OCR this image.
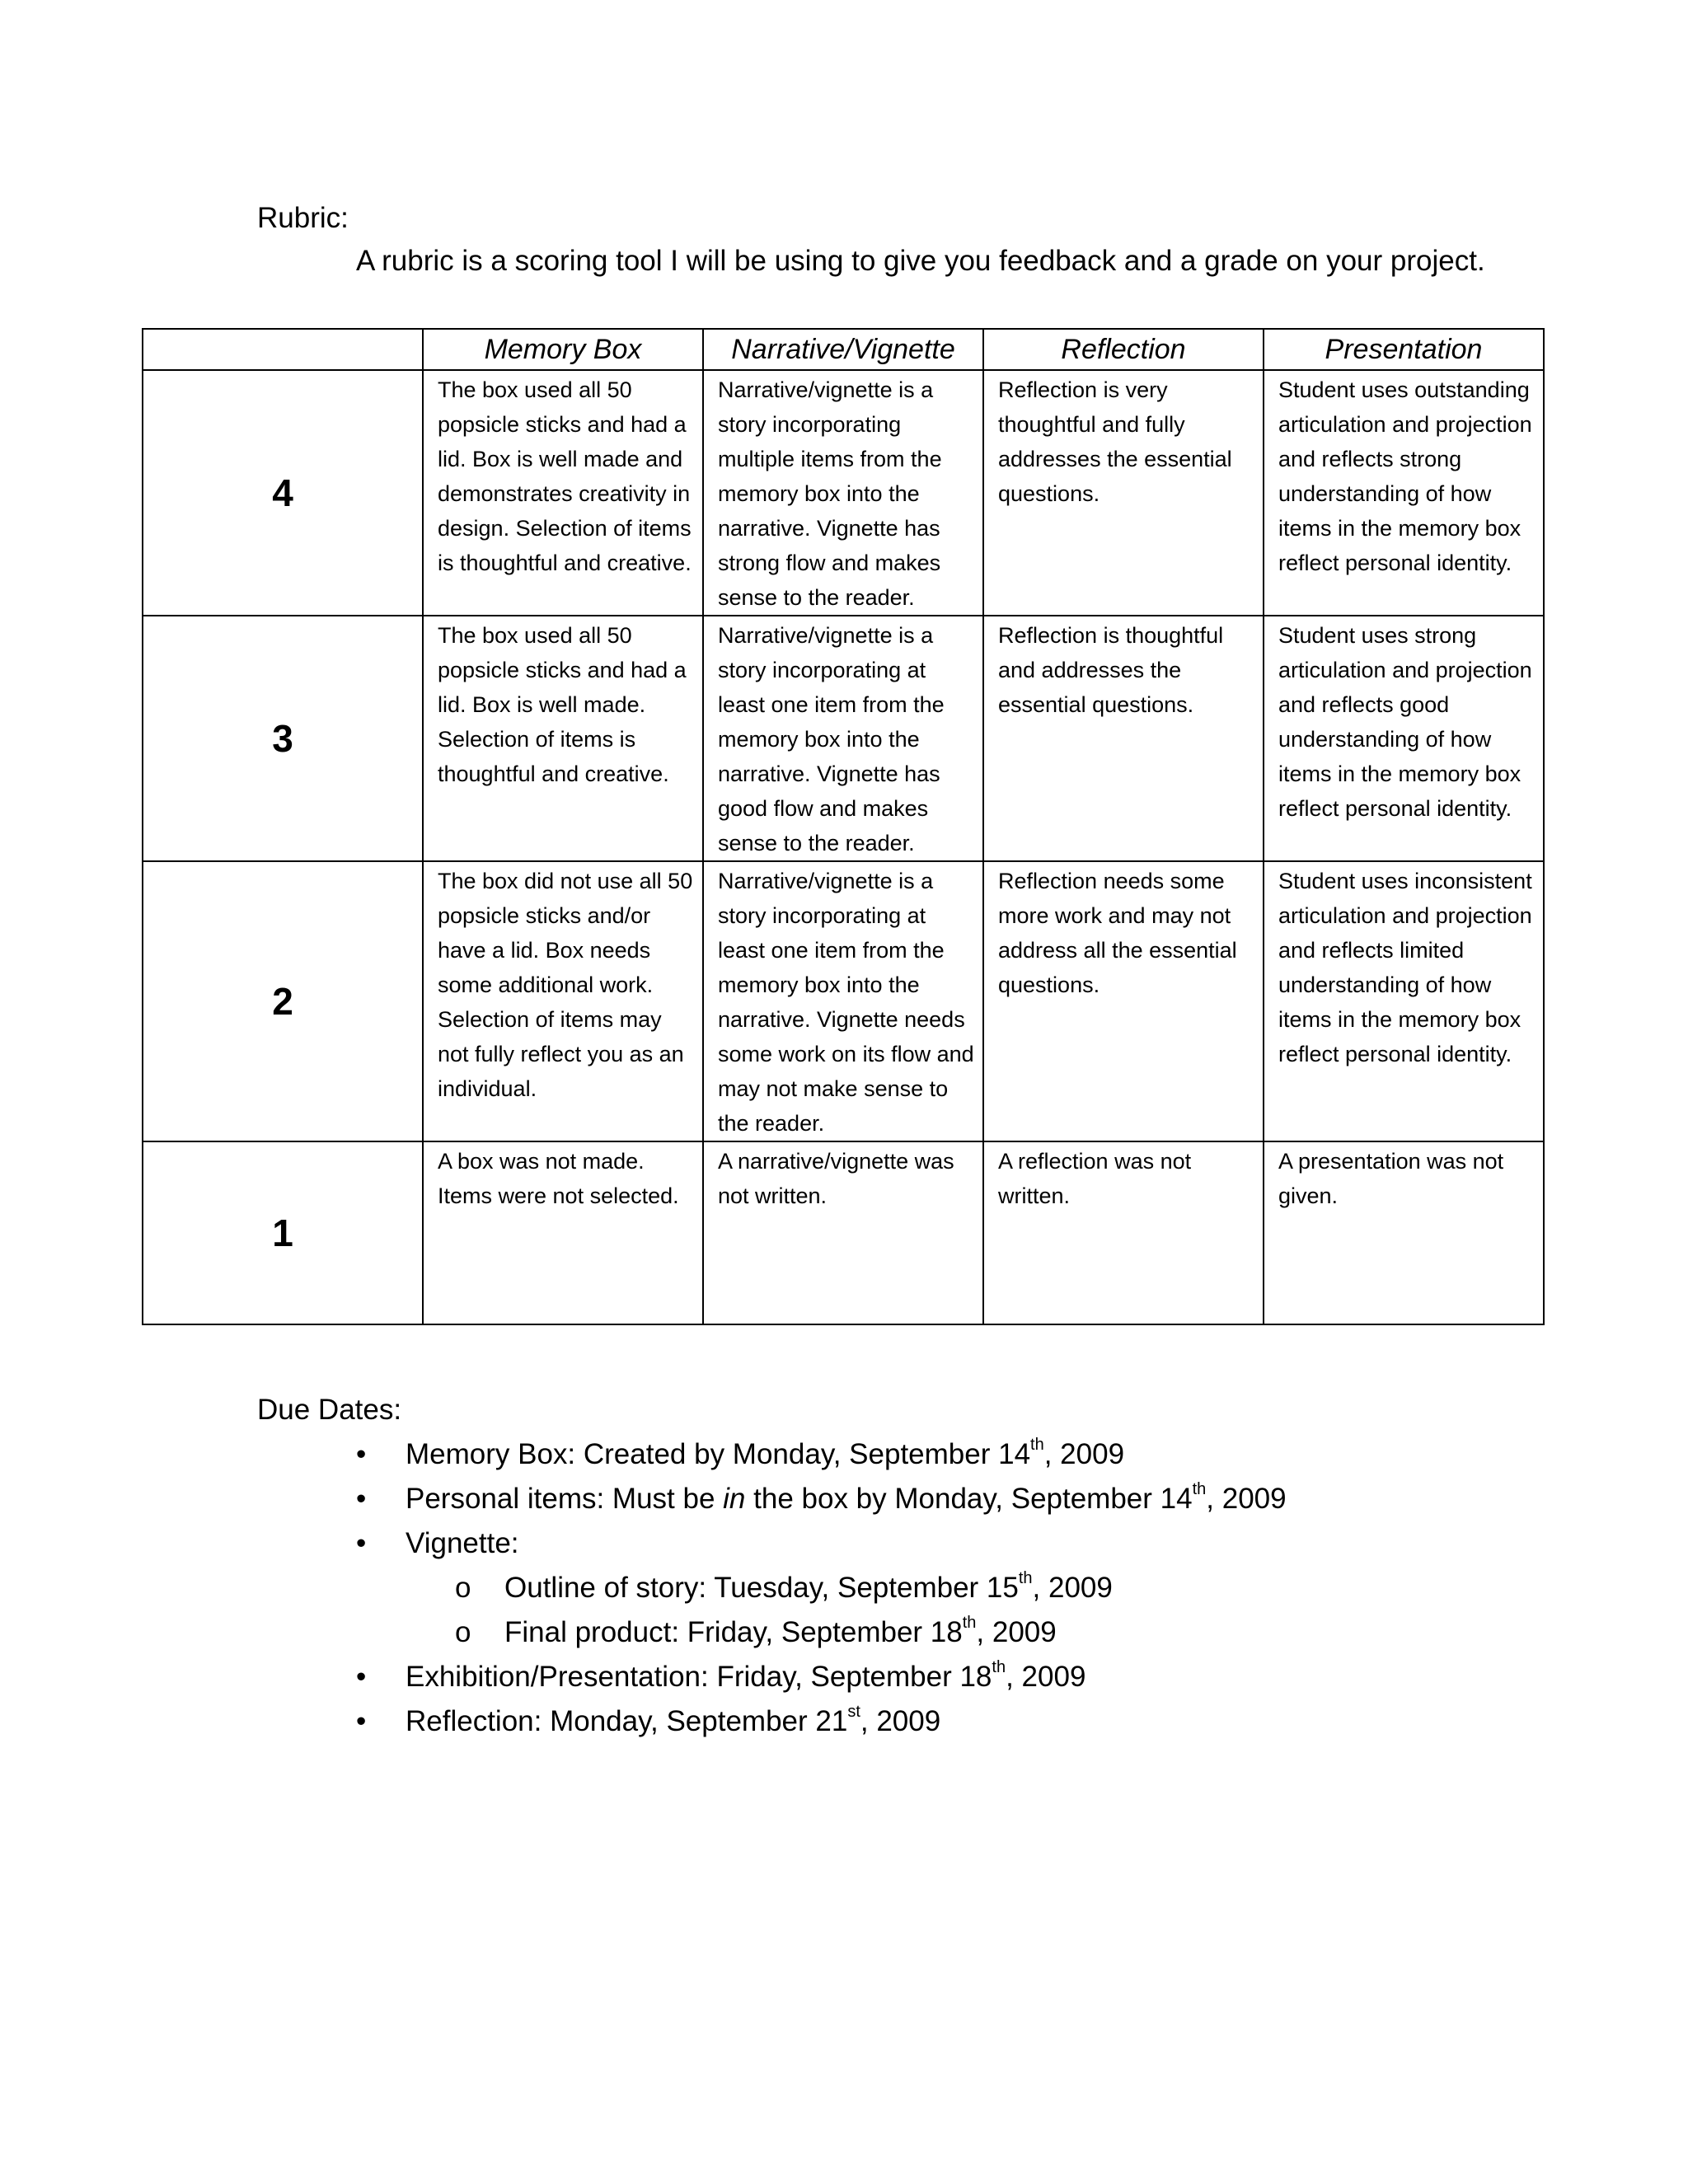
Rubric:
A rubric is a scoring tool I will be using to give you feedback and a grade on your project.
	Memory Box	Narrative/Vignette	Reflection	Presentation
4	The box used all 50 popsicle sticks and had a lid. Box is well made and demonstrates creativity in design. Selection of items is thoughtful and creative.	Narrative/vignette is a story incorporating multiple items from the memory box into the narrative. Vignette has strong flow and makes sense to the reader.	Reflection is very thoughtful and fully addresses the essential questions.	Student uses outstanding articulation and projection and reflects strong understanding of how items in the memory box reflect personal identity.
3	The box used all 50 popsicle sticks and had a lid. Box is well made. Selection of items is thoughtful and creative.	Narrative/vignette is a story incorporating at least one item from the memory box into the narrative. Vignette has good flow and makes sense to the reader.	Reflection is thoughtful and addresses the essential questions.	Student uses strong articulation and projection and reflects good understanding of how items in the memory box reflect personal identity.
2	The box did not use all 50 popsicle sticks and/or have a lid. Box needs some additional work. Selection of items may not fully reflect you as an individual.	Narrative/vignette is a story incorporating at least one item from the memory box into the narrative. Vignette needs some work on its flow and may not make sense to the reader.	Reflection needs some more work and may not address all the essential questions.	Student uses inconsistent articulation and projection and reflects limited understanding of how items in the memory box reflect personal identity.
1	A box was not made. Items were not selected.	A narrative/vignette was not written.	A reflection was not written.	A presentation was not given.
Due Dates:
•	Memory Box: Created by Monday, September 14th, 2009
•	Personal items: Must be in the box by Monday, September 14th, 2009
•	Vignette:
o	Outline of story: Tuesday, September 15th, 2009
o	Final product: Friday, September 18th, 2009
•	Exhibition/Presentation: Friday, September 18th, 2009
•	Reflection: Monday, September 21st, 2009
